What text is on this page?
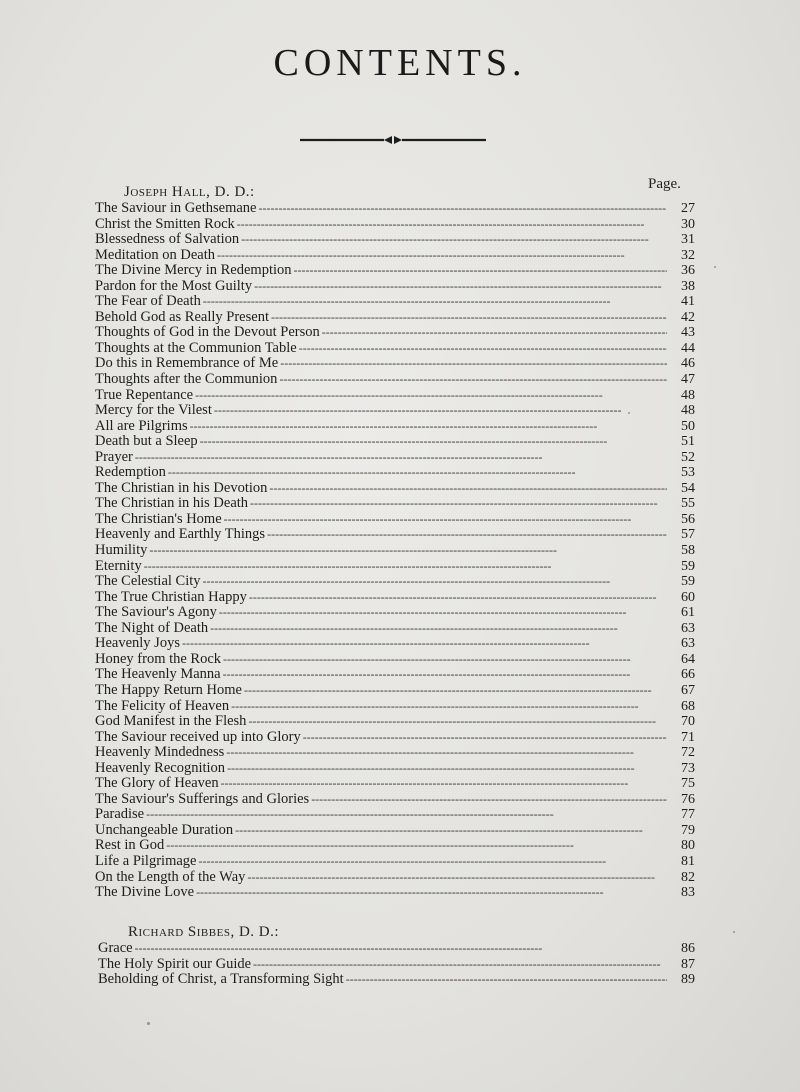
CONTENTS.
Page.
Joseph Hall, D. D.:
The Saviour in Gethsemane - - -	27
Christ the Smitten Rock - - -	30
Blessedness of Salvation - - -	31
Meditation on Death - - -	32
The Divine Mercy in Redemption - - -	36
Pardon for the Most Guilty - - -	38
The Fear of Death - - -	41
Behold God as Really Present - - -	42
Thoughts of God in the Devout Person - - -	43
Thoughts at the Communion Table - - -	44
Do this in Remembrance of Me - - -	46
Thoughts after the Communion - - -	47
True Repentance - - -	48
Mercy for the Vilest - - -	48
All are Pilgrims - - -	50
Death but a Sleep - - -	51
Prayer - - -	52
Redemption - - -	53
The Christian in his Devotion - - -	54
The Christian in his Death - - -	55
The Christian's Home - - -	56
Heavenly and Earthly Things - - -	57
Humility - - -	58
Eternity - - -	59
The Celestial City - - -	59
The True Christian Happy - - -	60
The Saviour's Agony - - -	61
The Night of Death - - -	63
Heavenly Joys - - -	63
Honey from the Rock - - -	64
The Heavenly Manna - - -	66
The Happy Return Home - - -	67
The Felicity of Heaven - - -	68
God Manifest in the Flesh - - -	70
The Saviour received up into Glory - - -	71
Heavenly Mindedness - - -	72
Heavenly Recognition - - -	73
The Glory of Heaven - - -	75
The Saviour's Sufferings and Glories - - -	76
Paradise - - -	77
Unchangeable Duration - - -	79
Rest in God - - -	80
Life a Pilgrimage - - -	81
On the Length of the Way - - -	82
The Divine Love - - -	83
Richard Sibbes, D. D.:
Grace - - -	86
The Holy Spirit our Guide - - -	87
Beholding of Christ, a Transforming Sight - - -	89
